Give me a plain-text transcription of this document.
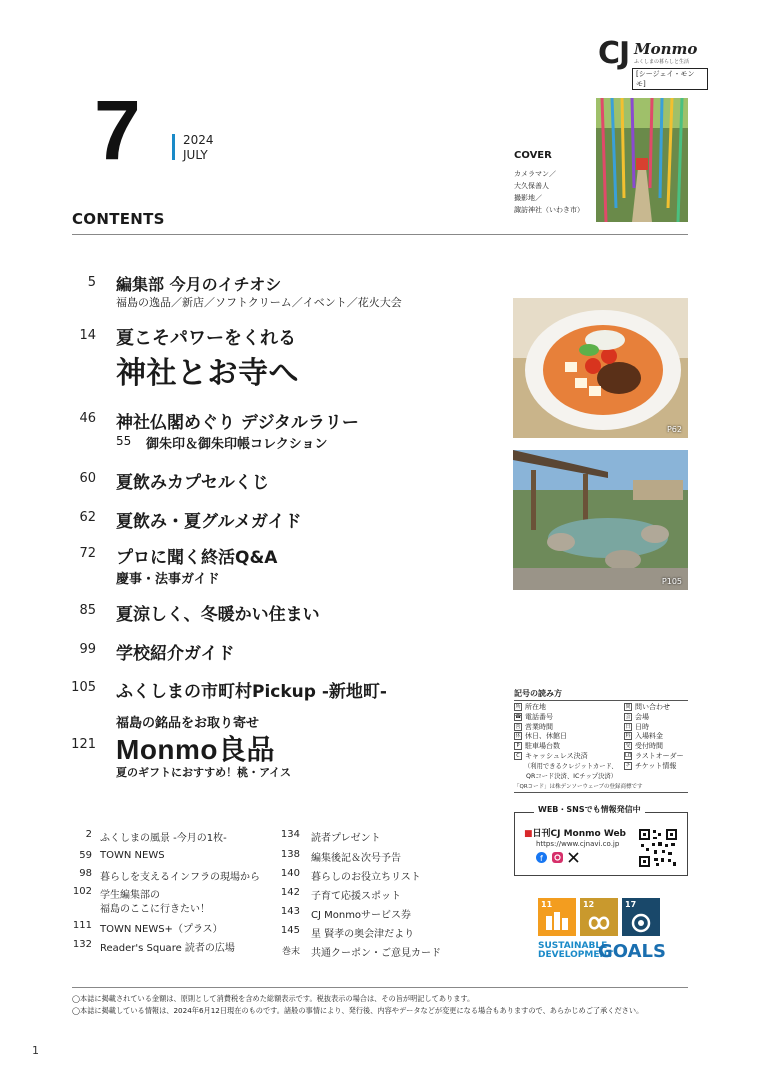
CJ Monmo
ふくしまの暮らしと生活
[シージェイ・モンモ]
7	2024
JULY	COVER
カメラマン／
大久保善人
撮影地／
諏訪神社（いわき市）
CONTENTS
5 編集部 今月のイチオシ
福島の逸品／新店／ソフトクリーム／イベント／花火大会
14 夏こそパワーをくれる
神社とお寺へ
46 神社仏閣めぐり デジタルラリー
55 御朱印＆御朱印帳コレクション
60 夏飲みカプセルくじ
62 夏飲み・夏グルメガイド
72 プロに聞く終活Q&A
慶事・法事ガイド
85 夏涼しく、冬暖かい住まい
99 学校紹介ガイド
105 ふくしまの市町村Pickup -新地町-
福島の銘品をお取り寄せ
121 Monmo良品
夏のギフトにおすすめ！桃・アイス
P62
P105
記号の読み方
所 所在地
☎ 電話番号
営 営業時間
休 休日、休館日
P 駐車場台数
C キャッシュレス決済
（利用できるクレジットカード、
QRコード決済、ICチップ決済）
問 問い合わせ
会 会場
日 日時
料 入場料金
受 受付時間
LO ラストオーダー
チ チケット情報
「QRコード」は株デンソーウェーブの登録商標です
WEB・SNSでも情報発信中
■日刊CJ Monmo Web
https://www.cjnavi.co.jp
f
11	12	17
SUSTAINABLE
DEVELOPMENT
GOALS
2 ふくしまの風景 -今月の1枚-
59 TOWN NEWS
98 暮らしを支えるインフラの現場から
102 学生編集部の
福島のここに行きたい！
111 TOWN NEWS+（プラス）
132 Reader's Square 読者の広場
134 読者プレゼント
138 編集後記＆次号予告
140 暮らしのお役立ちリスト
142 子育て応援スポット
143 CJ Monmoサービス券
145 星 賢孝の奥会津だより
巻末 共通クーポン・ご意見カード
◯本誌に掲載されている金額は、原則として消費税を含めた総額表示です。税抜表示の場合は、その旨が明記してあります。
◯本誌に掲載している情報は、2024年6月12日現在のものです。諸般の事情により、発行後、内容やデータなどが変更になる場合もありますので、あらかじめご了承ください。
1
